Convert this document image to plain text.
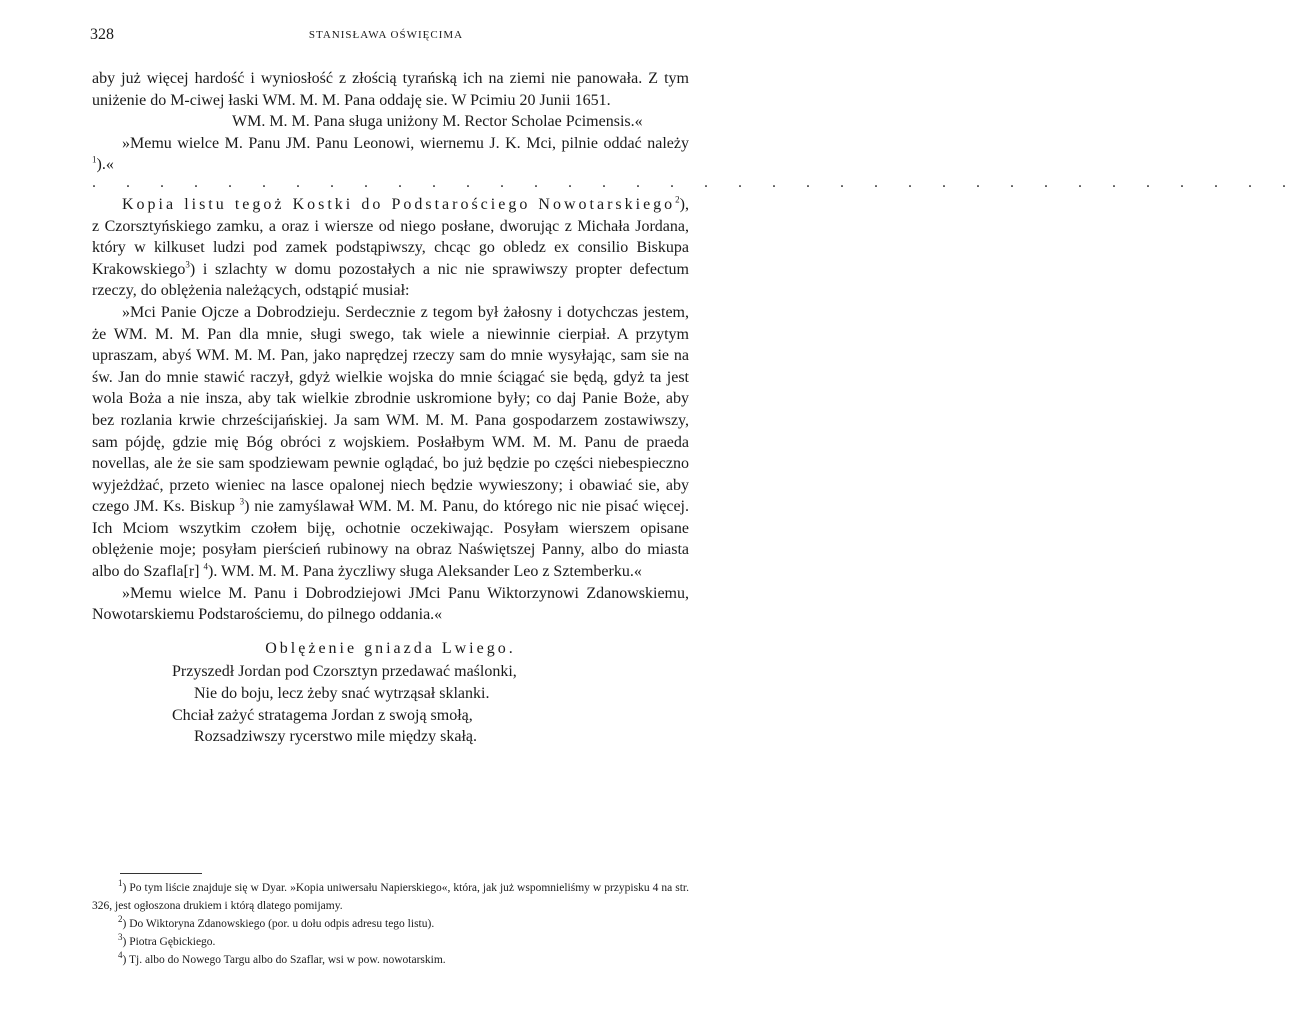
328	STANISŁAWA OŚWIĘCIMA

aby już więcej hardość i wyniosłość z złością tyrańską ich na ziemi nie panowała. Z tym uniżenie do M-ciwej łaski WM. M. M. Pana oddaję sie. W Pcimiu 20 Junii 1651.

WM. M. M. Pana sługa uniżony M. Rector Scholae Pcimensis.«

»Memu wielce M. Panu JM. Panu Leonowi, wiernemu J. K. Mci, pilnie oddać należy $^1$).«

. . . . . . . . . . . . . . . . . . . . . . . . . . . . . . . . . . . .

Kopia listu tegoż Kostki do Podstarościego Nowotarskiego$^2$), z Czorsztyńskiego zamku, a oraz i wiersze od niego posłane, dworując z Michała Jordana, który w kilkuset ludzi pod zamek podstąpiwszy, chcąc go obledz ex consilio Biskupa Krakowskiego$^3$) i szlachty w domu pozostałych a nic nie sprawiwszy propter defectum rzeczy, do oblężenia należących, odstąpić musiał:

»Mci Panie Ojcze a Dobrodzieju. Serdecznie z tegom był żałosny i dotychczas jestem, że WM. M. M. Pan dla mnie, sługi swego, tak wiele a niewinnie cierpiał. A przytym upraszam, abyś WM. M. M. Pan, jako naprędzej rzeczy sam do mnie wysyłając, sam sie na św. Jan do mnie stawić raczył, gdyż wielkie wojska do mnie ściągać sie będą, gdyż ta jest wola Boża a nie insza, aby tak wielkie zbrodnie uskromione były; co daj Panie Boże, aby bez rozlania krwie chrześcijańskiej. Ja sam WM. M. M. Pana gospodarzem zostawiwszy, sam pójdę, gdzie mię Bóg obróci z wojskiem. Posłałbym WM. M. M. Panu de praeda novellas, ale że sie sam spodziewam pewnie oglądać, bo już będzie po części niebespieczno wyjeżdżać, przeto wieniec na lasce opalonej niech będzie wywieszony; i obawiać sie, aby czego JM. Ks. Biskup $^3$) nie zamyślawał WM. M. M. Panu, do którego nic nie pisać więcej. Ich Mciom wszytkim czołem biję, ochotnie oczekiwając. Posyłam wierszem opisane oblężenie moje; posyłam pierścień rubinowy na obraz Naświętszej Panny, albo do miasta albo do Szafla[r] $^4$). WM. M. M. Pana życzliwy sługa Aleksander Leo z Sztemberku.«

»Memu wielce M. Panu i Dobrodziejowi JMci Panu Wiktorzynowi Zdanowskiemu, Nowotarskiemu Podstarościemu, do pilnego oddania.«

Oblężenie gniazda Lwiego.

Przyszedł Jordan pod Czorsztyn przedawać maślonki,
Nie do boju, lecz żeby snać wytrząsał sklanki.
Chciał zażyć stratagema Jordan z swoją smołą,
Rozsadziwszy rycerstwo mile między skałą.

$^1$) Po tym liście znajduje się w Dyar. »Kopia uniwersału Napierskiego«, która, jak już wspomnieliśmy w przypisku 4 na str. 326, jest ogłoszona drukiem i którą dlatego pomijamy.

$^2$) Do Wiktoryna Zdanowskiego (por. u dołu odpis adresu tego listu).

$^3$) Piotra Gębickiego.

$^4$) Tj. albo do Nowego Targu albo do Szaflar, wsi w pow. nowotarskim.
